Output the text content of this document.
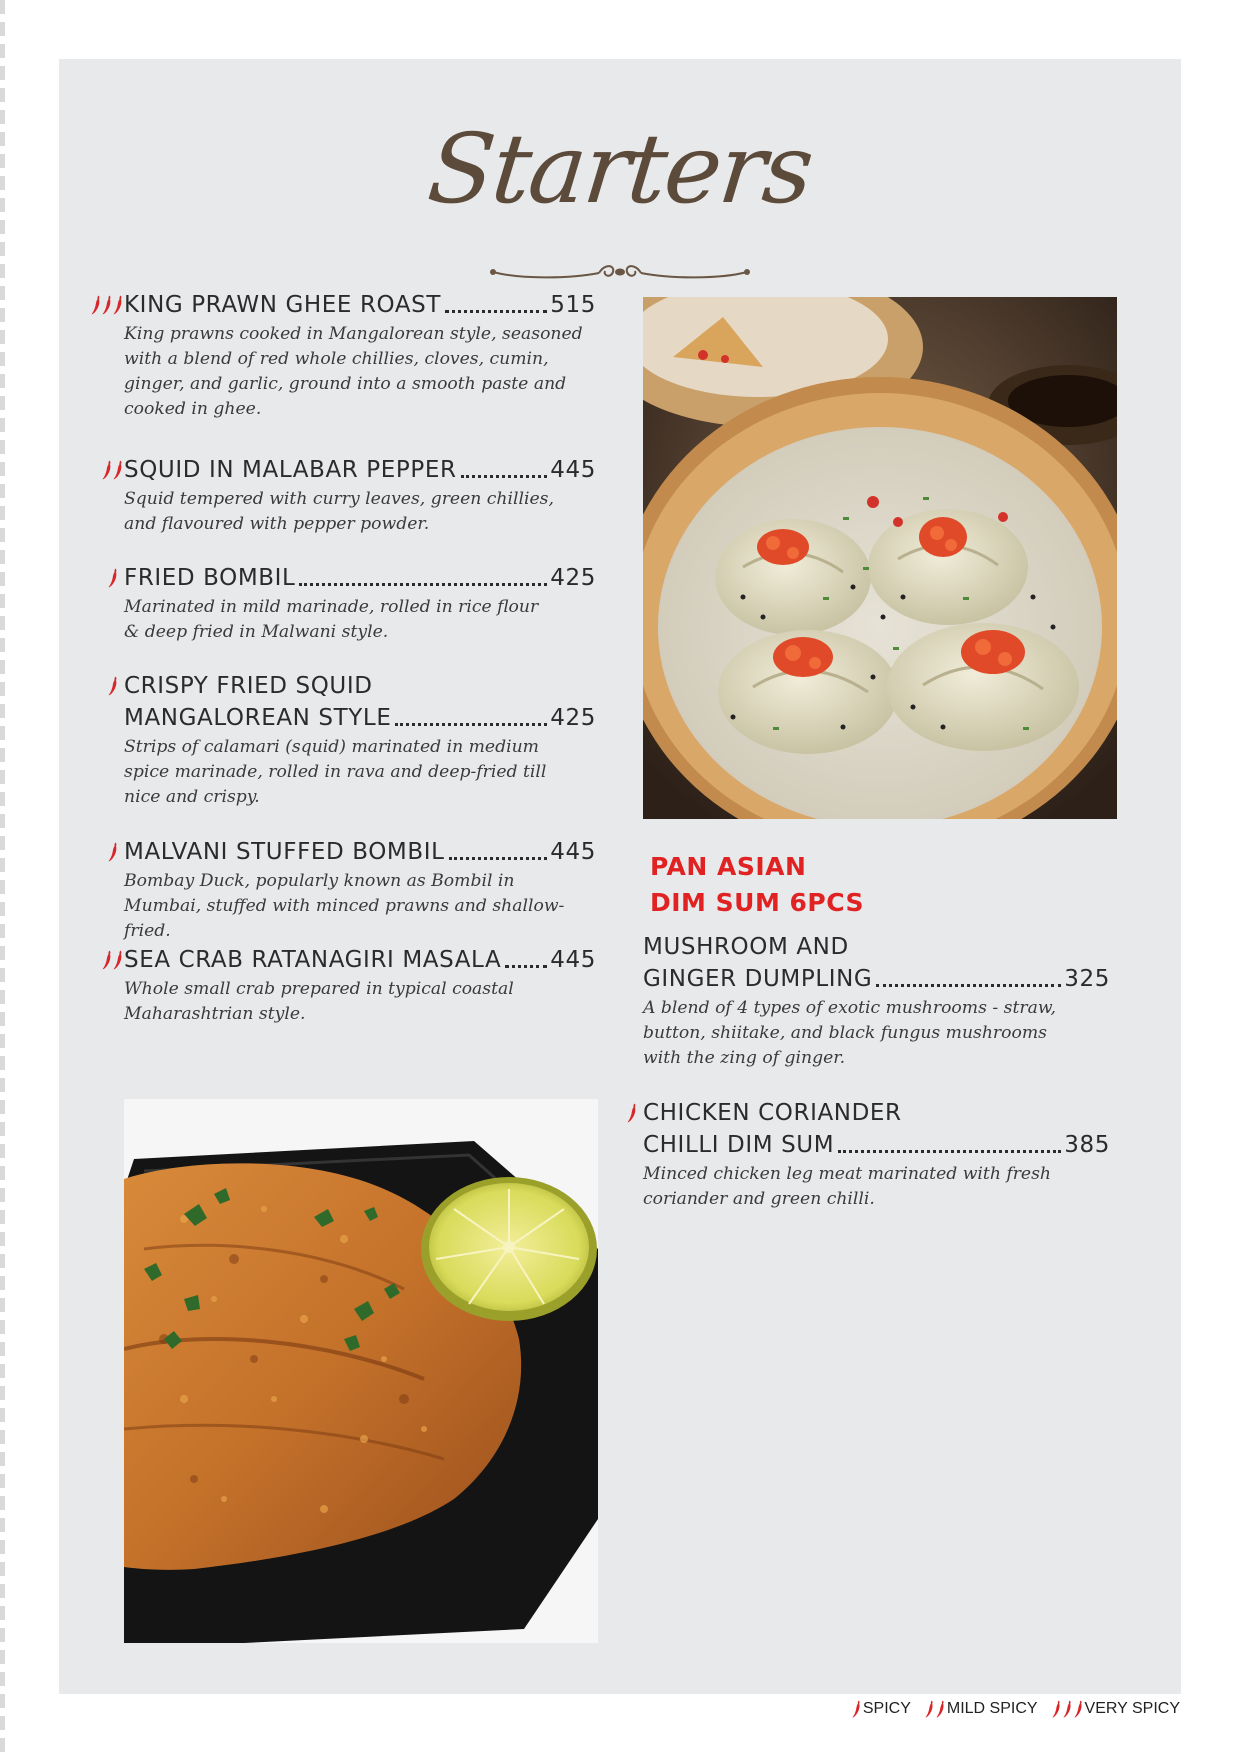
Starters
KING PRAWN GHEE ROAST	515
King prawns cooked in Mangalorean style, seasoned with a blend of red whole chillies, cloves, cumin, ginger, and garlic, ground into a smooth paste and cooked in ghee.
SQUID IN MALABAR PEPPER	445
Squid tempered with curry leaves, green chillies, and flavoured with pepper powder.
FRIED BOMBIL	425
Marinated in mild marinade, rolled in rice flour & deep fried in Malwani style.
CRISPY FRIED SQUID
MANGALOREAN STYLE	425
Strips of calamari (squid) marinated in medium spice marinade, rolled in rava and deep-fried till nice and crispy.
MALVANI STUFFED BOMBIL	445
Bombay Duck, popularly known as Bombil in Mumbai, stuffed with minced prawns and shallow-fried.
SEA CRAB RATANAGIRI MASALA 445
Whole small crab prepared in typical coastal Maharashtrian style.
PAN ASIAN
DIM SUM 6PCS
MUSHROOM AND
GINGER DUMPLING	325
A blend of 4 types of exotic mushrooms - straw, button, shiitake, and black fungus mushrooms with the zing of ginger.
CHICKEN CORIANDER
CHILLI DIM SUM	385
Minced chicken leg meat marinated with fresh coriander and green chilli.
SPICY MILD SPICY	VERY SPICY
